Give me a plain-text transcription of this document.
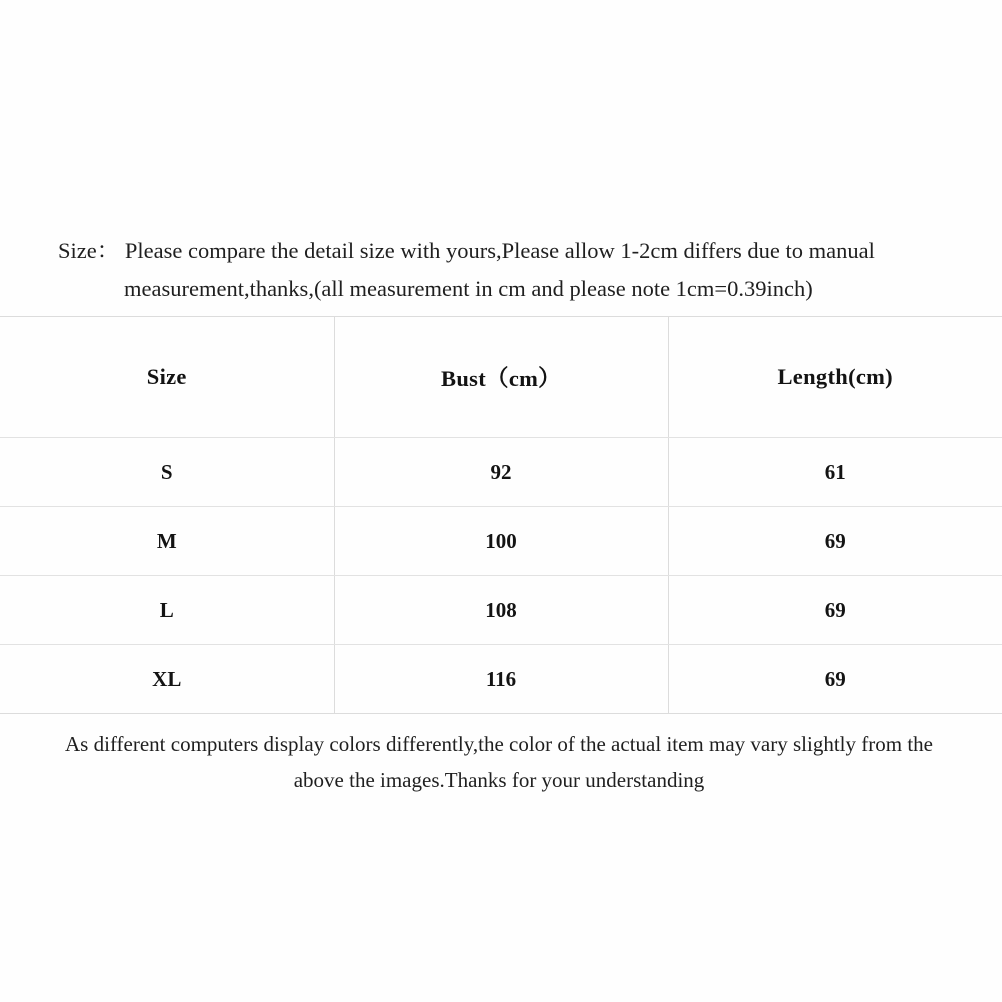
Size： Please compare the detail size with yours,Please allow 1-2cm differs due to manual
measurement,thanks,(all measurement in cm and please note 1cm=0.39inch)
Size	Bust（cm）	Length(cm)
S	92	61
M	100	69
L	108	69
XL	116	69
As different computers display colors differently,the color of the actual item may vary slightly from the
above the images.Thanks for your understanding
